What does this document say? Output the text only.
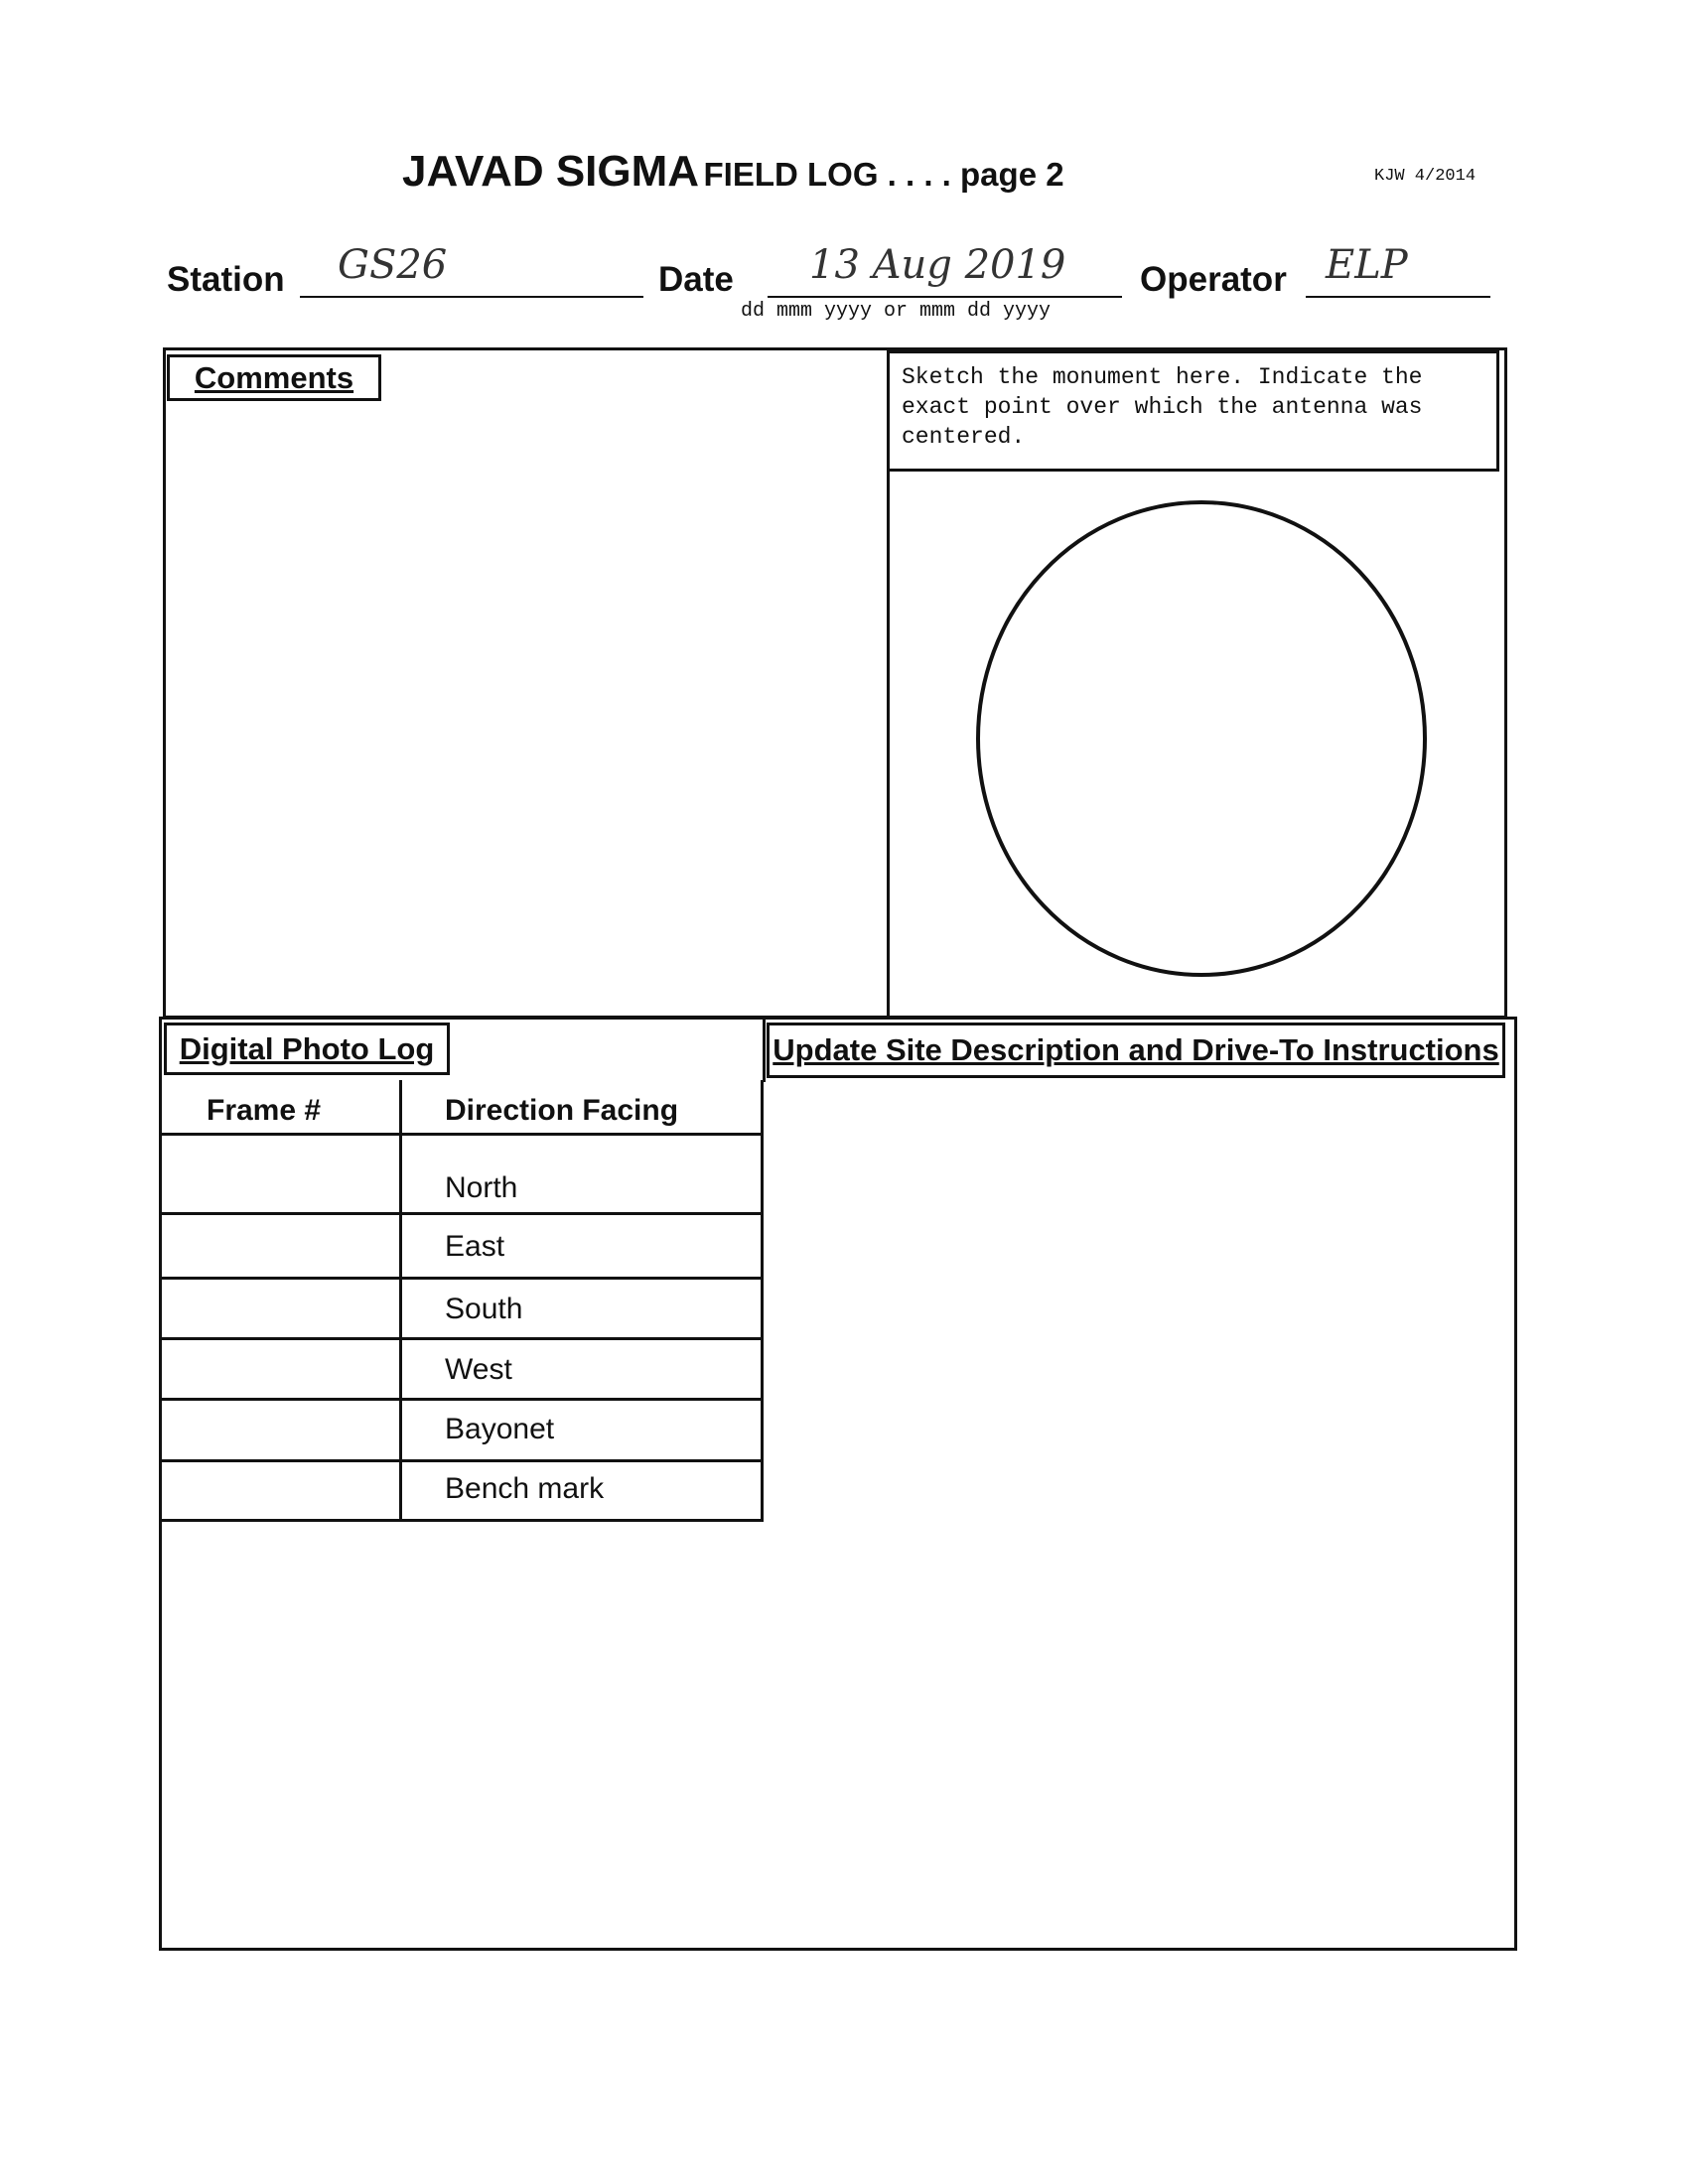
JAVAD SIGMA FIELD LOG . . . . page 2	KJW 4/2014
Station GS26	Date 13 Aug 2019
dd mmm yyyy or mmm dd yyyy
Operator ELP
Comments	Sketch the monument here. Indicate the exact point over which the antenna was centered.
Digital Photo Log	Update Site Description and Drive-To Instructions
Frame #	Direction Facing
North
East
South
West
Bayonet
Bench mark
